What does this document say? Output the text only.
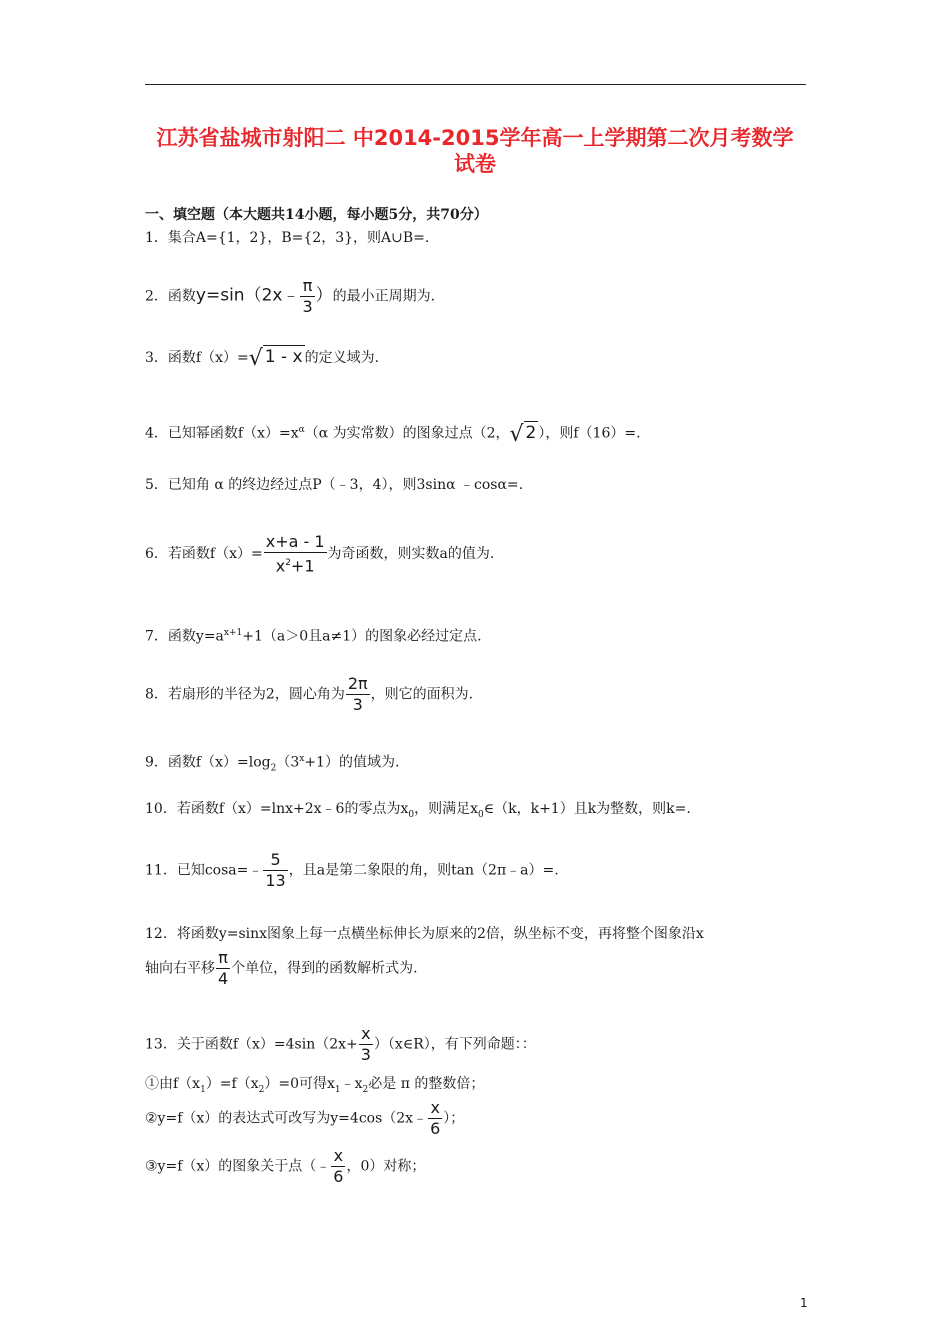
江苏省盐城市射阳二 中2014-2015学年高一上学期第二次月考数学
试卷
一、填空题（本大题共14小题，每小题5分，共70分）
1．集合A={1，2}，B={2，3}，则A∪B=.
2．函数y=sin（2x﹣ $\frac{\pi}{3}$ ）的最小正周期为.
3．函数f（x）=√ 1 - x 的定义域为.
4．已知幂函数$f(x)=x^\alpha(\alpha$ 为实常数）的图象过点（2，√ 2 ），则f（16）=.
5．已知角 α 的终边经过点P（﹣3，4），则3sinα ﹣cosα=.
6．若函数$f(x)= \frac{x+a - 1}{x^2+1}$ 为奇函数，则实数a的值为.
7．函数$y=a^{x+1}+1(a>0$且a≠1）的图象必经过定点.
8．若扇形的半径为2，圆心角为 $\frac{2\pi}{3}$ ，则它的面积为.
9．函数$f(x)=\log_2(3^x+1)$的值域为.
10．若函数f（x）=lnx+2x﹣6的零点为$x_0$，则满足$x_0\in(k$，k+1）且k为整数，则k=.
11．已知cosa=﹣ $\frac{5}{13}$ ，且a是第二象限的角，则tan（2π﹣a）=.
12．将函数y=sinx图象上每一点横坐标伸长为原来的2倍，纵坐标不变，再将整个图象沿x
轴向右平移 $\frac{\pi}{4}$ 个单位，得到的函数解析式为.
13．关于函数$f(x)=4\sin(2x+ \frac{x}{3}$ ）（x∈R），有下列命题：：
①由$f(x_1)=f(x_2)=0$可得$x_1﹣x_2$必是 π 的整数倍；
②y=f（x）的表达式可改写为y=4cos（2x﹣ $\frac{x}{6}$ ）；
③y=f（x）的图象关于点（﹣ $\frac{x}{6}$ ，0）对称；
1
